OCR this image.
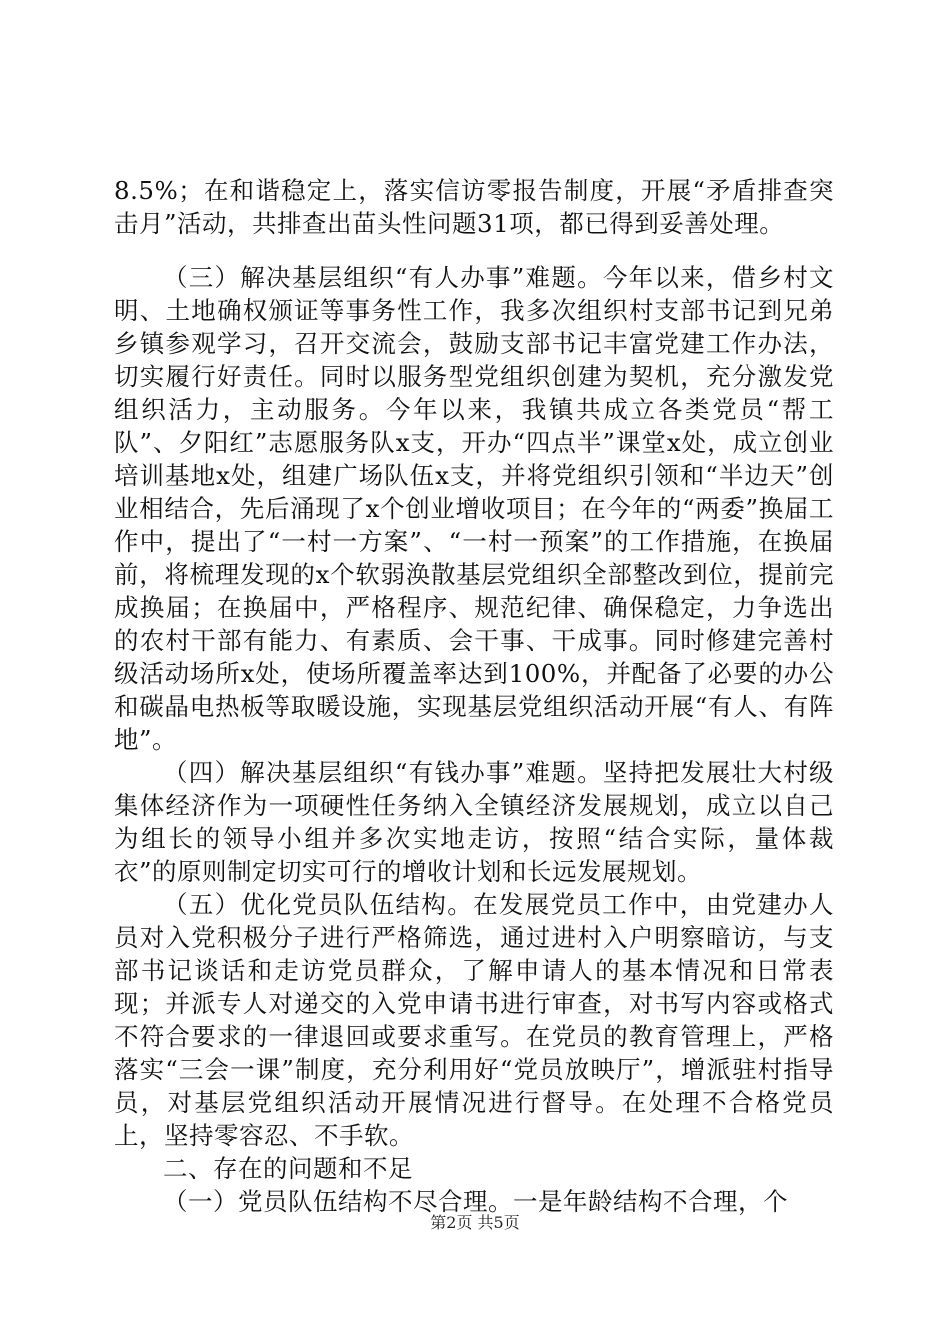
8.5%；在和谐稳定上，落实信访零报告制度，开展“矛盾排查突击月”活动，共排查出苗头性问题31项，都已得到妥善处理。

（三）解决基层组织“有人办事”难题。今年以来，借乡村文明、土地确权颁证等事务性工作，我多次组织村支部书记到兄弟乡镇参观学习，召开交流会，鼓励支部书记丰富党建工作办法，切实履行好责任。同时以服务型党组织创建为契机，充分激发党组织活力，主动服务。今年以来，我镇共成立各类党员“帮工队”、夕阳红”志愿服务队x支，开办“四点半”课堂x处，成立创业培训基地x处，组建广场队伍x支，并将党组织引领和“半边天”创业相结合，先后涌现了x个创业增收项目；在今年的“两委”换届工作中，提出了“一村一方案”、“一村一预案”的工作措施，在换届前，将梳理发现的x个软弱涣散基层党组织全部整改到位，提前完成换届；在换届中，严格程序、规范纪律、确保稳定，力争选出的农村干部有能力、有素质、会干事、干成事。同时修建完善村级活动场所x处，使场所覆盖率达到100%，并配备了必要的办公和碳晶电热板等取暖设施，实现基层党组织活动开展“有人、有阵地”。

（四）解决基层组织“有钱办事”难题。坚持把发展壮大村级集体经济作为一项硬性任务纳入全镇经济发展规划，成立以自己为组长的领导小组并多次实地走访，按照“结合实际，量体裁衣”的原则制定切实可行的增收计划和长远发展规划。

（五）优化党员队伍结构。在发展党员工作中，由党建办人员对入党积极分子进行严格筛选，通过进村入户明察暗访，与支部书记谈话和走访党员群众，了解申请人的基本情况和日常表现；并派专人对递交的入党申请书进行审查，对书写内容或格式不符合要求的一律退回或要求重写。在党员的教育管理上，严格落实“三会一课”制度，充分利用好“党员放映厅”，增派驻村指导员，对基层党组织活动开展情况进行督导。在处理不合格党员上，坚持零容忍、不手软。

二、存在的问题和不足

（一）党员队伍结构不尽合理。一是年龄结构不合理，个

第2页 共5页
